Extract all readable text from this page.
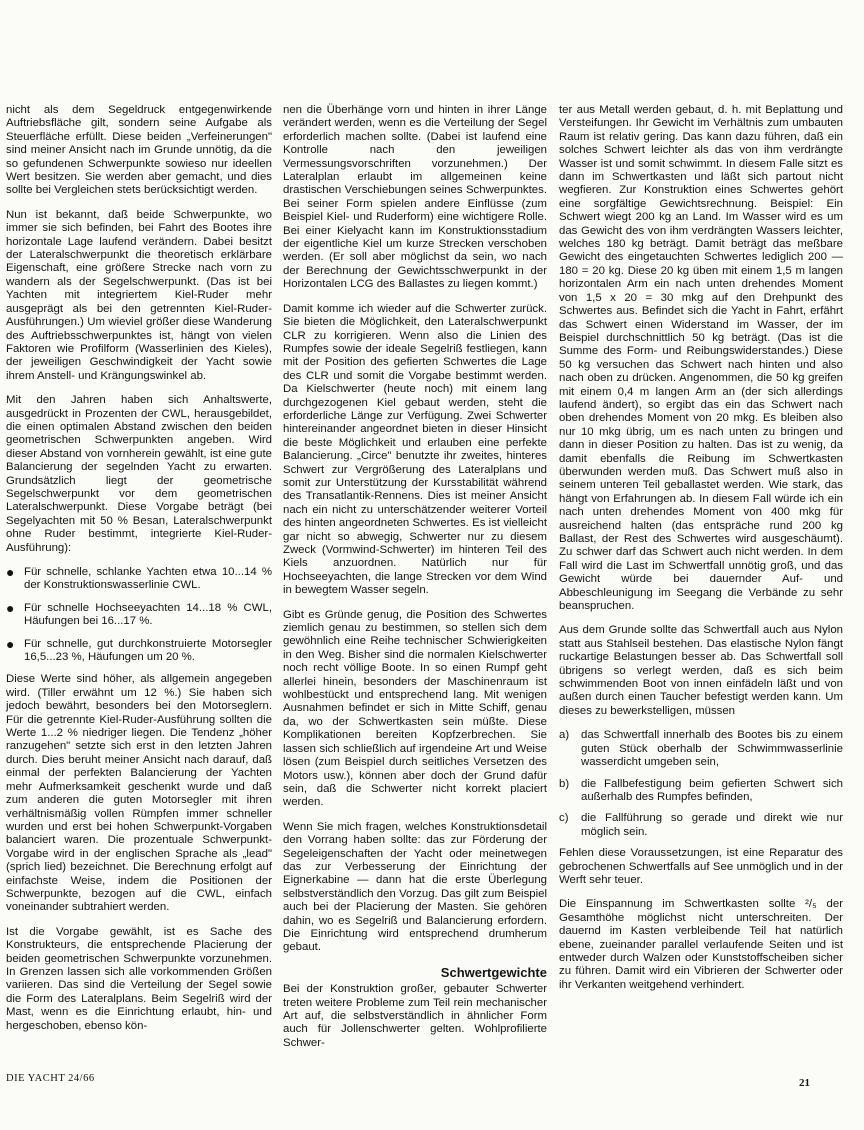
nicht als dem Segeldruck entgegenwirkende Auftriebsfläche gilt, sondern seine Aufgabe als Steuerfläche erfüllt. Diese beiden „Verfeinerungen" sind meiner Ansicht nach im Grunde unnötig, da die so gefundenen Schwerpunkte sowieso nur ideellen Wert besitzen. Sie werden aber gemacht, und dies sollte bei Vergleichen stets berücksichtigt werden.

Nun ist bekannt, daß beide Schwerpunkte, wo immer sie sich befinden, bei Fahrt des Bootes ihre horizontale Lage laufend verändern. Dabei besitzt der Lateralschwerpunkt die theoretisch erklärbare Eigenschaft, eine größere Strecke nach vorn zu wandern als der Segelschwerpunkt. (Das ist bei Yachten mit integriertem Kiel-Ruder mehr ausgeprägt als bei den getrennten Kiel-Ruder-Ausführungen.) Um wieviel größer diese Wanderung des Auftriebsschwerpunktes ist, hängt von vielen Faktoren wie Profilform (Wasserlinien des Kieles), der jeweiligen Geschwindigkeit der Yacht sowie ihrem Anstell- und Krängungswinkel ab.

Mit den Jahren haben sich Anhaltswerte, ausgedrückt in Prozenten der CWL, herausgebildet, die einen optimalen Abstand zwischen den beiden geometrischen Schwerpunkten angeben. Wird dieser Abstand von vornherein gewählt, ist eine gute Balancierung der segelnden Yacht zu erwarten. Grundsätzlich liegt der geometrische Segelschwerpunkt vor dem geometrischen Lateralschwerpunkt. Diese Vorgabe beträgt (bei Segelyachten mit 50 % Besan, Lateralschwerpunkt ohne Ruder bestimmt, integrierte Kiel-Ruder-Ausführung):

● Für schnelle, schlanke Yachten etwa 10...14 % der Konstruktionswasserlinie CWL.
● Für schnelle Hochseeyachten 14...18 % CWL, Häufungen bei 16...17 %.
● Für schnelle, gut durchkonstruierte Motorsegler 16,5...23 %, Häufungen um 20 %.

Diese Werte sind höher, als allgemein angegeben wird. (Tiller erwähnt um 12 %.) Sie haben sich jedoch bewährt, besonders bei den Motorseglern. Für die getrennte Kiel-Ruder-Ausführung sollten die Werte 1...2 % niedriger liegen. Die Tendenz „höher ranzugehen" setzte sich erst in den letzten Jahren durch. Dies beruht meiner Ansicht nach darauf, daß einmal der perfekten Balancierung der Yachten mehr Aufmerksamkeit geschenkt wurde und daß zum anderen die guten Motorsegler mit ihren verhältnismäßig vollen Rümpfen immer schneller wurden und erst bei hohen Schwerpunkt-Vorgaben balanciert waren. Die prozentuale Schwerpunkt-Vorgabe wird in der englischen Sprache als „lead" (sprich lied) bezeichnet. Die Berechnung erfolgt auf einfachste Weise, indem die Positionen der Schwerpunkte, bezogen auf die CWL, einfach voneinander subtrahiert werden.

Ist die Vorgabe gewählt, ist es Sache des Konstrukteurs, die entsprechende Placierung der beiden geometrischen Schwerpunkte vorzunehmen. In Grenzen lassen sich alle vorkommenden Größen variieren. Das sind die Verteilung der Segel sowie die Form des Lateralplans. Beim Segelriß wird der Mast, wenn es die Einrichtung erlaubt, hin- und hergeschoben, ebenso kön-

nen die Überhänge vorn und hinten in ihrer Länge verändert werden, wenn es die Verteilung der Segel erforderlich machen sollte. (Dabei ist laufend eine Kontrolle nach den jeweiligen Vermessungsvorschriften vorzunehmen.) Der Lateralplan erlaubt im allgemeinen keine drastischen Verschiebungen seines Schwerpunktes. Bei seiner Form spielen andere Einflüsse (zum Beispiel Kiel- und Ruderform) eine wichtigere Rolle. Bei einer Kielyacht kann im Konstruktionsstadium der eigentliche Kiel um kurze Strecken verschoben werden. (Er soll aber möglichst da sein, wo nach der Berechnung der Gewichtsschwerpunkt in der Horizontalen LCG des Ballastes zu liegen kommt.)

Damit komme ich wieder auf die Schwerter zurück. Sie bieten die Möglichkeit, den Lateralschwerpunkt CLR zu korrigieren. Wenn also die Linien des Rumpfes sowie der ideale Segelriß festliegen, kann mit der Position des gefierten Schwertes die Lage des CLR und somit die Vorgabe bestimmt werden. Da Kielschwerter (heute noch) mit einem lang durchgezogenen Kiel gebaut werden, steht die erforderliche Länge zur Verfügung. Zwei Schwerter hintereinander angeordnet bieten in dieser Hinsicht die beste Möglichkeit und erlauben eine perfekte Balancierung. „Circe" benutzte ihr zweites, hinteres Schwert zur Vergrößerung des Lateralplans und somit zur Unterstützung der Kursstabilität während des Transatlantik-Rennens. Dies ist meiner Ansicht nach ein nicht zu unterschätzender weiterer Vorteil des hinten angeordneten Schwertes. Es ist vielleicht gar nicht so abwegig, Schwerter nur zu diesem Zweck (Vormwind-Schwerter) im hinteren Teil des Kiels anzuordnen. Natürlich nur für Hochseeyachten, die lange Strecken vor dem Wind in bewegtem Wasser segeln.

Gibt es Gründe genug, die Position des Schwertes ziemlich genau zu bestimmen, so stellen sich dem gewöhnlich eine Reihe technischer Schwierigkeiten in den Weg. Bisher sind die normalen Kielschwerter noch recht völlige Boote. In so einen Rumpf geht allerlei hinein, besonders der Maschinenraum ist wohlbestückt und entsprechend lang. Mit wenigen Ausnahmen befindet er sich in Mitte Schiff, genau da, wo der Schwertkasten sein müßte. Diese Komplikationen bereiten Kopfzerbrechen. Sie lassen sich schließlich auf irgendeine Art und Weise lösen (zum Beispiel durch seitliches Versetzen des Motors usw.), können aber doch der Grund dafür sein, daß die Schwerter nicht korrekt placiert werden.

Wenn Sie mich fragen, welches Konstruktionsdetail den Vorrang haben sollte: das zur Förderung der Segeleigenschaften der Yacht oder meinetwegen das zur Verbesserung der Einrichtung der Eignerkabine — dann hat die erste Überlegung selbstverständlich den Vorzug. Das gilt zum Beispiel auch bei der Placierung der Masten. Sie gehören dahin, wo es Segelriß und Balancierung erfordern. Die Einrichtung wird entsprechend drumherum gebaut.

Schwertgewichte

Bei der Konstruktion großer, gebauter Schwerter treten weitere Probleme zum Teil rein mechanischer Art auf, die selbstverständlich in ähnlicher Form auch für Jollenschwerter gelten. Wohlprofilierte Schwer-

ter aus Metall werden gebaut, d. h. mit Beplattung und Versteifungen. Ihr Gewicht im Verhältnis zum umbauten Raum ist relativ gering. Das kann dazu führen, daß ein solches Schwert leichter als das von ihm verdrängte Wasser ist und somit schwimmt. In diesem Falle sitzt es dann im Schwertkasten und läßt sich partout nicht wegfieren. Zur Konstruktion eines Schwertes gehört eine sorgfältige Gewichtsrechnung. Beispiel: Ein Schwert wiegt 200 kg an Land. Im Wasser wird es um das Gewicht des von ihm verdrängten Wassers leichter, welches 180 kg beträgt. Damit beträgt das meßbare Gewicht des eingetauchten Schwertes lediglich 200 — 180 = 20 kg. Diese 20 kg üben mit einem 1,5 m langen horizontalen Arm ein nach unten drehendes Moment von 1,5 x 20 = 30 mkg auf den Drehpunkt des Schwertes aus. Befindet sich die Yacht in Fahrt, erfährt das Schwert einen Widerstand im Wasser, der im Beispiel durchschnittlich 50 kg beträgt. (Das ist die Summe des Form- und Reibungswiderstandes.) Diese 50 kg versuchen das Schwert nach hinten und also nach oben zu drücken. Angenommen, die 50 kg greifen mit einem 0,4 m langen Arm an (der sich allerdings laufend ändert), so ergibt das ein das Schwert nach oben drehendes Moment von 20 mkg. Es bleiben also nur 10 mkg übrig, um es nach unten zu bringen und dann in dieser Position zu halten. Das ist zu wenig, da damit ebenfalls die Reibung im Schwertkasten überwunden werden muß. Das Schwert muß also in seinem unteren Teil geballastet werden. Wie stark, das hängt von Erfahrungen ab. In diesem Fall würde ich ein nach unten drehendes Moment von 400 mkg für ausreichend halten (das entspräche rund 200 kg Ballast, der Rest des Schwertes wird ausgeschäumt). Zu schwer darf das Schwert auch nicht werden. In dem Fall wird die Last im Schwertfall unnötig groß, und das Gewicht würde bei dauernder Auf- und Abbeschleunigung im Seegang die Verbände zu sehr beanspruchen.

Aus dem Grunde sollte das Schwertfall auch aus Nylon statt aus Stahlseil bestehen. Das elastische Nylon fängt ruckartige Belastungen besser ab. Das Schwertfall soll übrigens so verlegt werden, daß es sich beim schwimmenden Boot von innen einfädeln läßt und von außen durch einen Taucher befestigt werden kann. Um dieses zu bewerkstelligen, müssen

a)	das Schwertfall innerhalb des Bootes bis zu einem guten Stück oberhalb der Schwimmwasserlinie wasserdicht umgeben sein,
b)	die Fallbefestigung beim gefierten Schwert sich außerhalb des Rumpfes befinden,
c)	die Fallführung so gerade und direkt wie nur möglich sein.

Fehlen diese Voraussetzungen, ist eine Reparatur des gebrochenen Schwertfalls auf See unmöglich und in der Werft sehr teuer.

Die Einspannung im Schwertkasten sollte ²/₅ der Gesamthöhe möglichst nicht unterschreiten. Der dauernd im Kasten verbleibende Teil hat natürlich ebene, zueinander parallel verlaufende Seiten und ist entweder durch Walzen oder Kunststoffscheiben sicher zu führen. Damit wird ein Vibrieren der Schwerter oder ihr Verkanten weitgehend verhindert.

DIE YACHT 24/66	21
